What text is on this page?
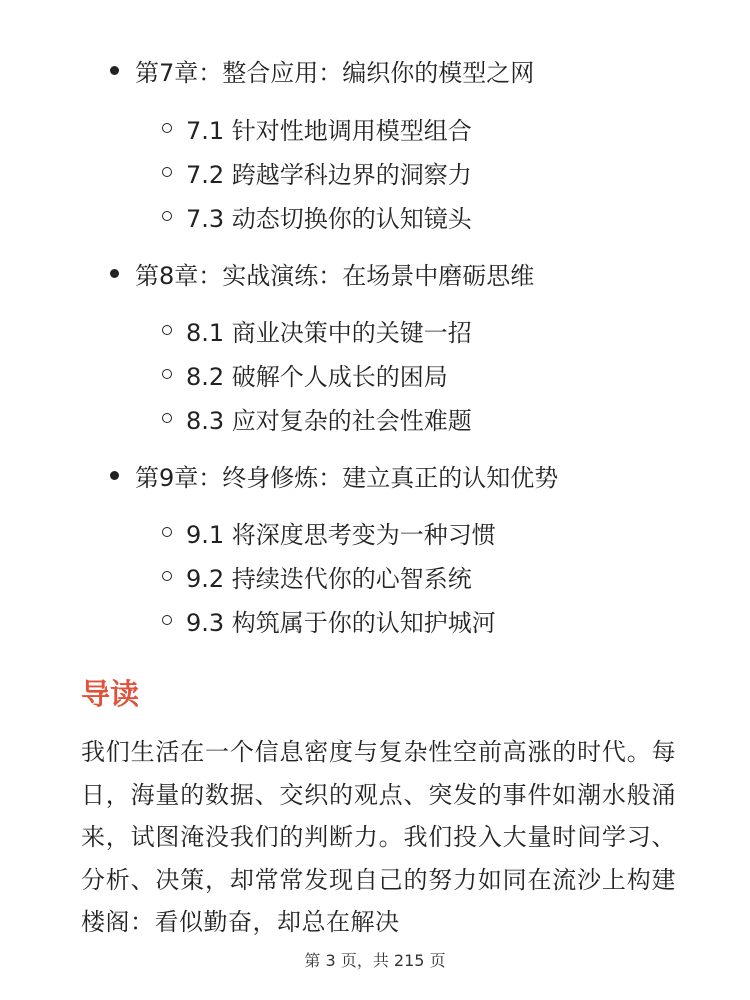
第7章：整合应用：编织你的模型之网
7.1 针对性地调用模型组合
7.2 跨越学科边界的洞察力
7.3 动态切换你的认知镜头
第8章：实战演练：在场景中磨砺思维
8.1 商业决策中的关键一招
8.2 破解个人成长的困局
8.3 应对复杂的社会性难题
第9章：终身修炼：建立真正的认知优势
9.1 将深度思考变为一种习惯
9.2 持续迭代你的心智系统
9.3 构筑属于你的认知护城河
导读
我们生活在一个信息密度与复杂性空前高涨的时代。每日，海量的数据、交织的观点、突发的事件如潮水般涌来，试图淹没我们的判断力。我们投入大量时间学习、分析、决策，却常常发现自己的努力如同在流沙上构建楼阁：看似勤奋，却总在解决
第 3 页，共 215 页
